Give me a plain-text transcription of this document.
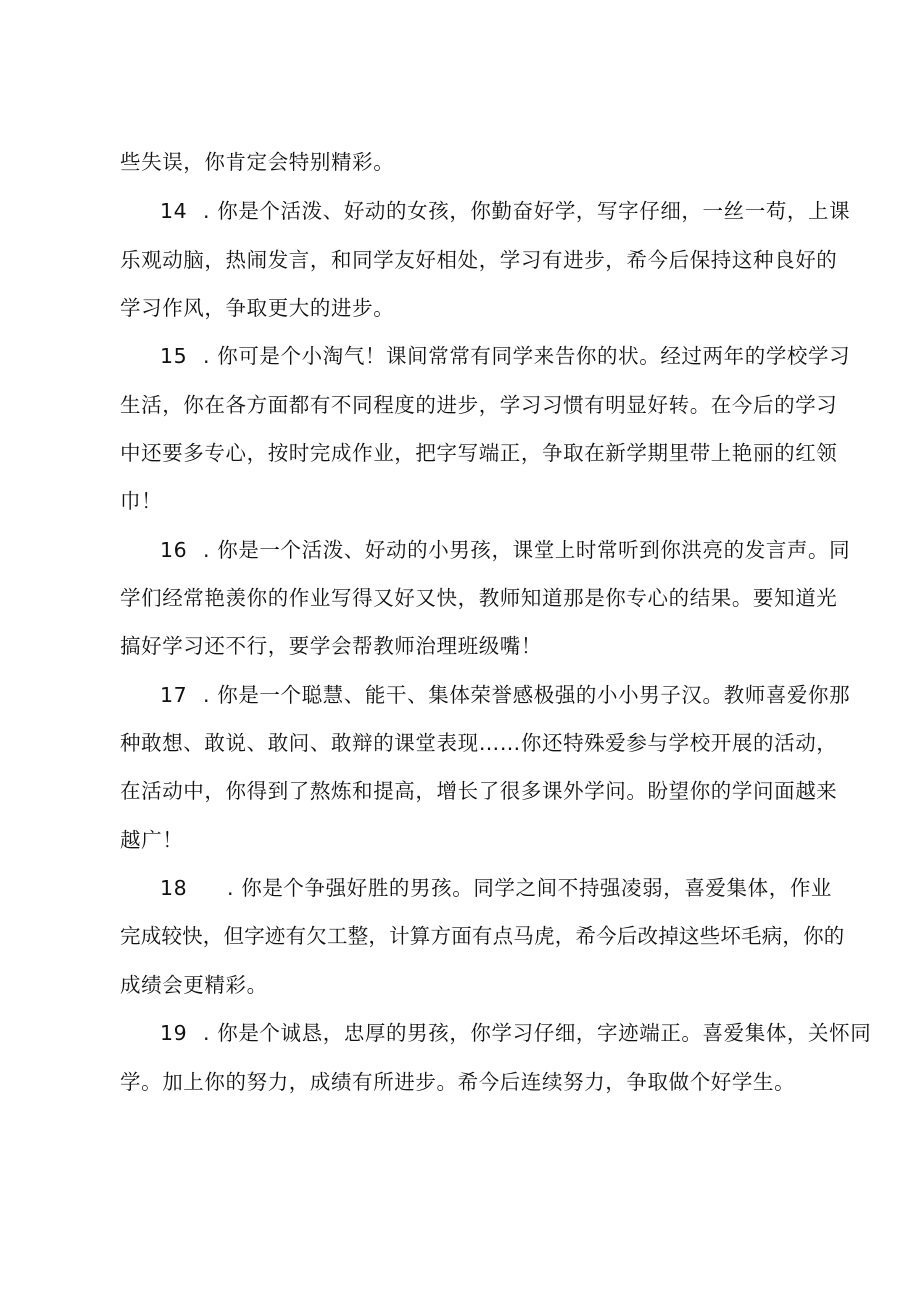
些失误，你肯定会特别精彩。
14 . 你是个活泼、好动的女孩，你勤奋好学，写字仔细，一丝一苟，上课
乐观动脑，热闹发言，和同学友好相处，学习有进步，希今后保持这种良好的
学习作风，争取更大的进步。
15 . 你可是个小淘气！课间常常有同学来告你的状。经过两年的学校学习
生活，你在各方面都有不同程度的进步，学习习惯有明显好转。在今后的学习
中还要多专心，按时完成作业，把字写端正，争取在新学期里带上艳丽的红领
巾！
16 . 你是一个活泼、好动的小男孩，课堂上时常听到你洪亮的发言声。同
学们经常艳羡你的作业写得又好又快，教师知道那是你专心的结果。要知道光
搞好学习还不行，要学会帮教师治理班级嘴！
17 . 你是一个聪慧、能干、集体荣誉感极强的小小男子汉。教师喜爱你那
种敢想、敢说、敢问、敢辩的课堂表现……你还特殊爱参与学校开展的活动，
在活动中，你得到了熬炼和提高，增长了很多课外学问。盼望你的学问面越来
越广！
18 . 你是个争强好胜的男孩。同学之间不持强凌弱，喜爱集体，作业
完成较快，但字迹有欠工整，计算方面有点马虎，希今后改掉这些坏毛病，你的
成绩会更精彩。
19 . 你是个诚恳，忠厚的男孩，你学习仔细，字迹端正。喜爱集体，关怀同
学。加上你的努力，成绩有所进步。希今后连续努力，争取做个好学生。
